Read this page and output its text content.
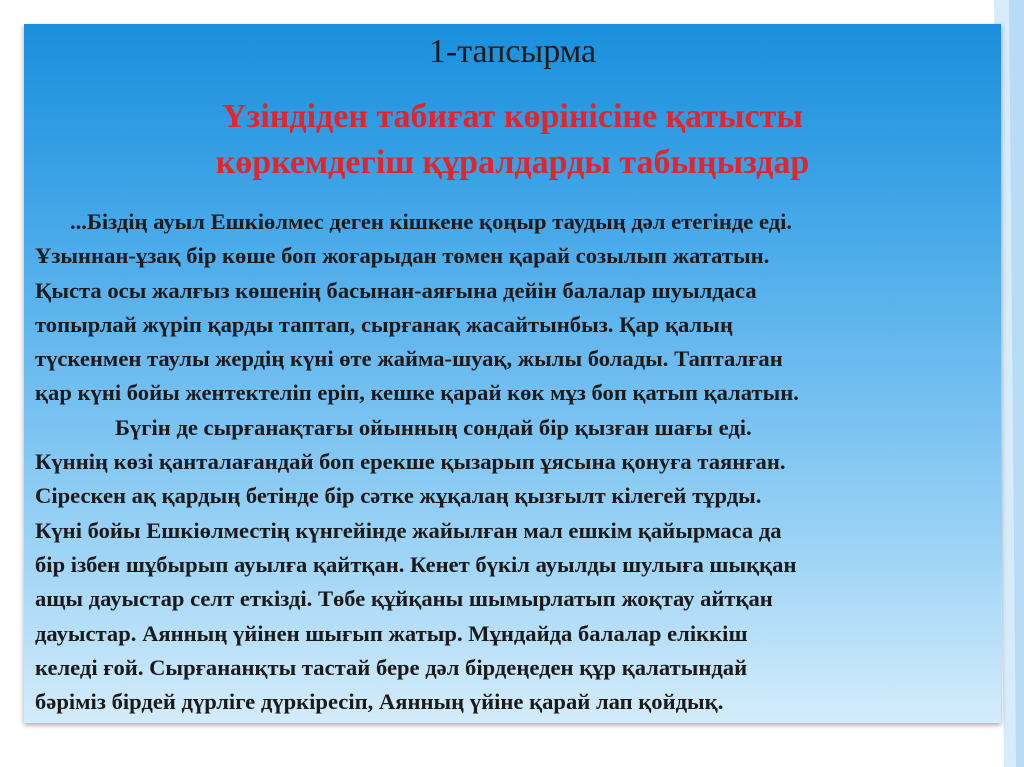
1-тапсырма
Үзіндіден табиғат көрінісіне қатысты
көркемдегіш құралдарды табыңыздар
...Біздің ауыл Ешкіөлмес деген кішкене қоңыр таудың дәл етегінде еді.
Ұзыннан-ұзақ бір көше боп жоғарыдан төмен қарай созылып жататын.
Қыста осы жалғыз көшенің басынан-аяғына дейін балалар шуылдаса
топырлай жүріп қарды таптап, сырғанақ жасайтынбыз. Қар қалың
түскенмен таулы жердің күні өте жайма-шуақ, жылы болады. Тапталған
қар күні бойы жентектеліп еріп, кешке қарай көк мұз боп қатып қалатын.
Бүгін де сырғанақтағы ойынның сондай бір қызған шағы еді.
Күннің көзі қанталағандай боп ерекше қызарып ұясына қонуға таянған.
Сірескен ақ қардың бетінде бір сәтке жұқалаң қызғылт кілегей тұрды.
Күні бойы Ешкіөлместің күнгейінде жайылған мал ешкім қайырмаса да
бір ізбен шұбырып ауылға қайтқан. Кенет бүкіл ауылды шулыға шыққан
ащы дауыстар селт еткізді. Төбе құйқаны шымырлатып жоқтау айтқан
дауыстар. Аянның үйінен шығып жатыр. Мұндайда балалар еліккіш
келеді ғой. Сырғананқты тастай бере дәл бірдеңеден құр қалатындай
бәріміз бірдей дүрліге дүркіресіп, Аянның үйіне қарай лап қойдық.
